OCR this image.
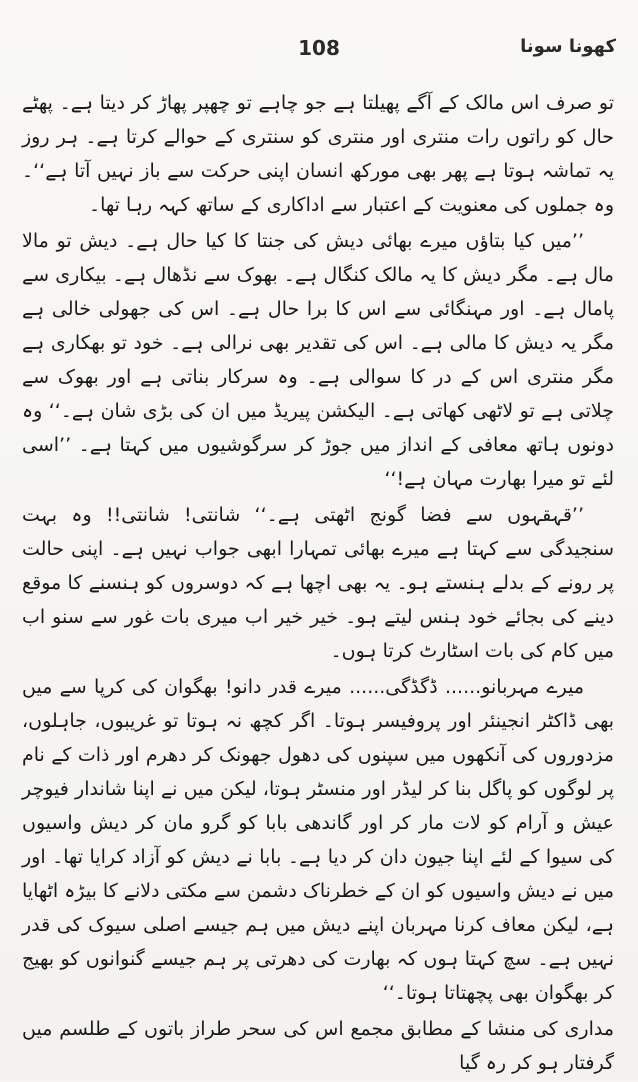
108	کھونا سونا

تو صرف اس مالک کے آگے پھیلتا ہے جو چاہے تو چھپر پھاڑ کر دیتا ہے۔ پھٹے حال کو راتوں رات منتری اور منتری کو سنتری کے حوالے کرتا ہے۔ ہر روز یہ تماشہ ہوتا ہے پھر بھی مورکھ انسان اپنی حرکت سے باز نہیں آتا ہے‘‘۔ وہ جملوں کی معنویت کے اعتبار سے اداکاری کے ساتھ کہہ رہا تھا۔

’’میں کیا بتاؤں میرے بھائی دیش کی جنتا کا کیا حال ہے۔ دیش تو مالا مال ہے۔ مگر دیش کا یہ مالک کنگال ہے۔ بھوک سے نڈھال ہے۔ بیکاری سے پامال ہے۔ اور مہنگائی سے اس کا برا حال ہے۔ اس کی جھولی خالی ہے مگر یہ دیش کا مالی ہے۔ اس کی تقدیر بھی نرالی ہے۔ خود تو بھکاری ہے مگر منتری اس کے در کا سوالی ہے۔ وہ سرکار بناتی ہے اور بھوک سے چلاتی ہے تو لاٹھی کھاتی ہے۔ الیکشن پیریڈ میں ان کی بڑی شان ہے۔‘‘ وہ دونوں ہاتھ معافی کے انداز میں جوڑ کر سرگوشیوں میں کہتا ہے۔ ’’اسی لئے تو میرا بھارت مہان ہے!‘‘

’’قہقہوں سے فضا گونج اٹھتی ہے۔‘‘ شانتی! شانتی!! وہ بہت سنجیدگی سے کہتا ہے میرے بھائی تمہارا ابھی جواب نہیں ہے۔ اپنی حالت پر رونے کے بدلے ہنستے ہو۔ یہ بھی اچھا ہے کہ دوسروں کو ہنسنے کا موقع دینے کی بجائے خود ہنس لیتے ہو۔ خیر خیر اب میری بات غور سے سنو اب میں کام کی بات اسٹارٹ کرتا ہوں۔

میرے مہربانو...... ڈگڈگی...... میرے قدر دانو! بھگوان کی کرپا سے میں بھی ڈاکٹر انجینئر اور پروفیسر ہوتا۔ اگر کچھ نہ ہوتا تو غریبوں، جاہلوں، مزدوروں کی آنکھوں میں سپنوں کی دھول جھونک کر دھرم اور ذات کے نام پر لوگوں کو پاگل بنا کر لیڈر اور منسٹر ہوتا، لیکن میں نے اپنا شاندار فیوچر عیش و آرام کو لات مار کر اور گاندھی بابا کو گرو مان کر دیش واسیوں کی سیوا کے لئے اپنا جیون دان کر دیا ہے۔ بابا نے دیش کو آزاد کرایا تھا۔ اور میں نے دیش واسیوں کو ان کے خطرناک دشمن سے مکتی دلانے کا بیڑہ اٹھایا ہے، لیکن معاف کرنا مہربان اپنے دیش میں ہم جیسے اصلی سیوک کی قدر نہیں ہے۔ سچ کہتا ہوں کہ بھارت کی دھرتی پر ہم جیسے گنوانوں کو بھیج کر بھگوان بھی پچھتاتا ہوتا۔‘‘

مداری کی منشا کے مطابق مجمع اس کی سحر طراز باتوں کے طلسم میں گرفتار ہو کر رہ گیا
